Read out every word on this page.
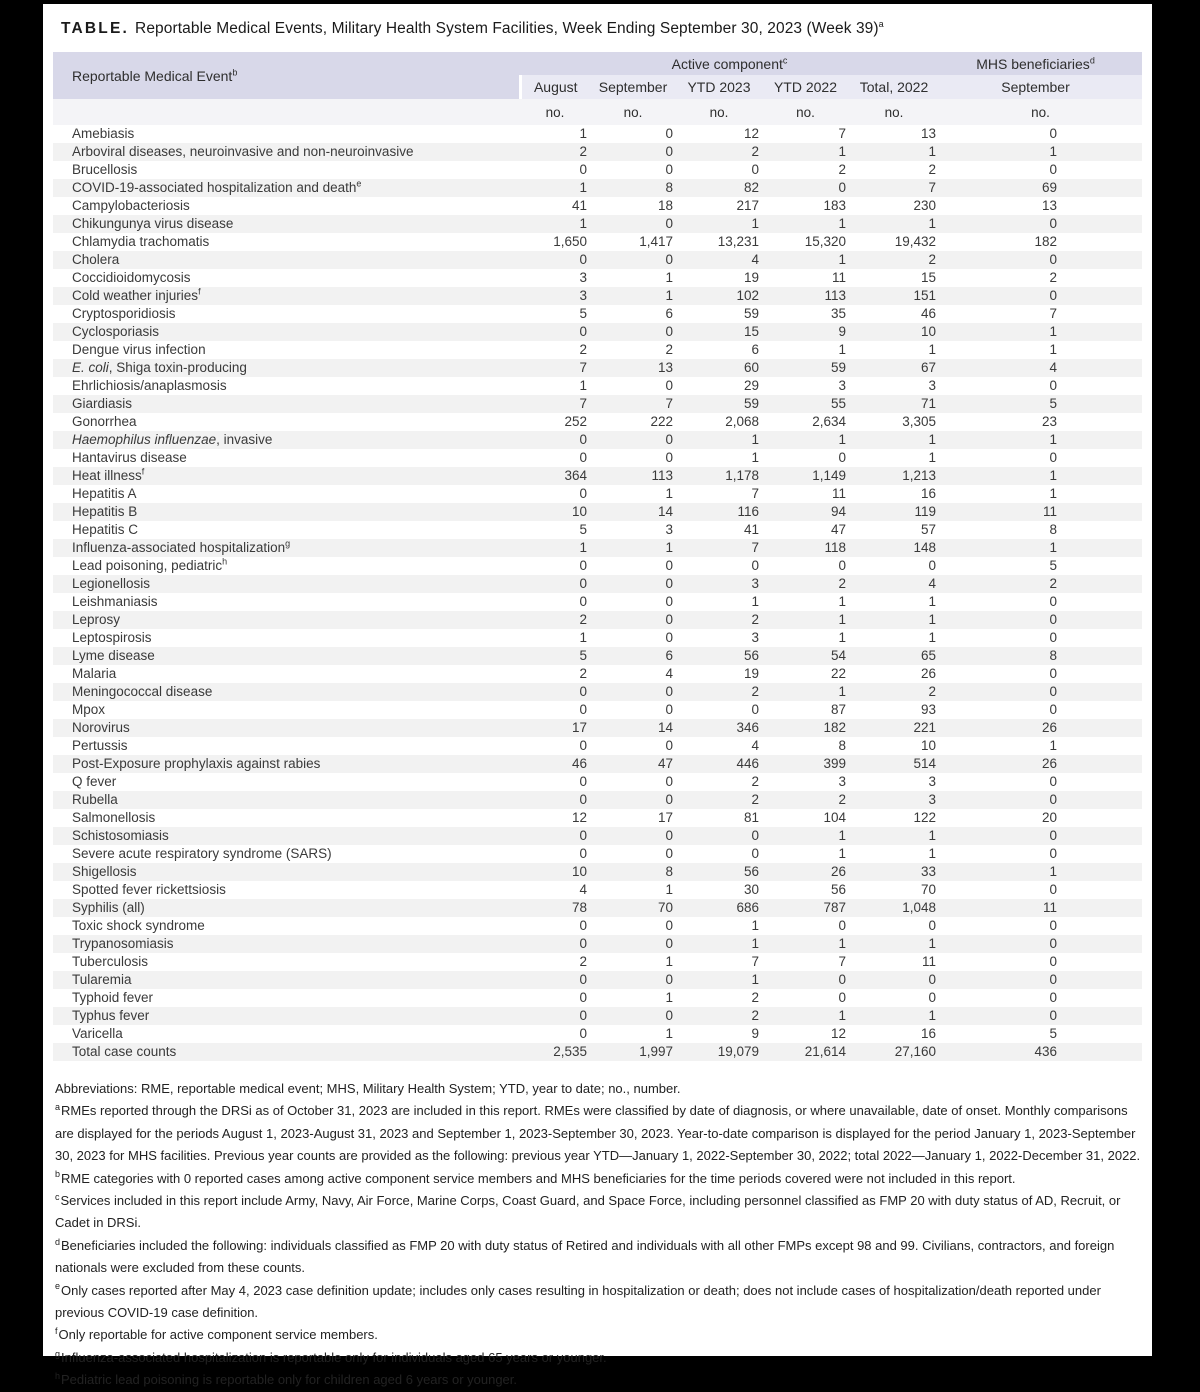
TABLE. Reportable Medical Events, Military Health System Facilities, Week Ending September 30, 2023 (Week 39)$^a$
Reportable Medical Event$^b$	Active component$^c$					MHS beneficiaries$^d$
	August	September	YTD 2023	YTD 2022	Total, 2022	September
	no.	no.	no.	no.	no.	no.
Amebiasis	1	0	12	7	13	0
Arboviral diseases, neuroinvasive and non-neuroinvasive	2	0	2	1	1	1
Brucellosis	0	0	0	2	2	0
COVID-19-associated hospitalization and death$^e$	1	8	82	0	7	69
Campylobacteriosis	41	18	217	183	230	13
Chikungunya virus disease	1	0	1	1	1	0
Chlamydia trachomatis	1,650	1,417	13,231	15,320	19,432	182
Cholera	0	0	4	1	2	0
Coccidioidomycosis	3	1	19	11	15	2
Cold weather injuries$^f$	3	1	102	113	151	0
Cryptosporidiosis	5	6	59	35	46	7
Cyclosporiasis	0	0	15	9	10	1
Dengue virus infection	2	2	6	1	1	1
E. coli, Shiga toxin-producing	7	13	60	59	67	4
Ehrlichiosis/anaplasmosis	1	0	29	3	3	0
Giardiasis	7	7	59	55	71	5
Gonorrhea	252	222	2,068	2,634	3,305	23
Haemophilus influenzae, invasive	0	0	1	1	1	1
Hantavirus disease	0	0	1	0	1	0
Heat illness$^f$	364	113	1,178	1,149	1,213	1
Hepatitis A	0	1	7	11	16	1
Hepatitis B	10	14	116	94	119	11
Hepatitis C	5	3	41	47	57	8
Influenza-associated hospitalization$^g$	1	1	7	118	148	1
Lead poisoning, pediatric$^h$	0	0	0	0	0	5
Legionellosis	0	0	3	2	4	2
Leishmaniasis	0	0	1	1	1	0
Leprosy	2	0	2	1	1	0
Leptospirosis	1	0	3	1	1	0
Lyme disease	5	6	56	54	65	8
Malaria	2	4	19	22	26	0
Meningococcal disease	0	0	2	1	2	0
Mpox	0	0	0	87	93	0
Norovirus	17	14	346	182	221	26
Pertussis	0	0	4	8	10	1
Post-Exposure prophylaxis against rabies	46	47	446	399	514	26
Q fever	0	0	2	3	3	0
Rubella	0	0	2	2	3	0
Salmonellosis	12	17	81	104	122	20
Schistosomiasis	0	0	0	1	1	0
Severe acute respiratory syndrome (SARS)	0	0	0	1	1	0
Shigellosis	10	8	56	26	33	1
Spotted fever rickettsiosis	4	1	30	56	70	0
Syphilis (all)	78	70	686	787	1,048	11
Toxic shock syndrome	0	0	1	0	0	0
Trypanosomiasis	0	0	1	1	1	0
Tuberculosis	2	1	7	7	11	0
Tularemia	0	0	1	0	0	0
Typhoid fever	0	1	2	0	0	0
Typhus fever	0	0	2	1	1	0
Varicella	0	1	9	12	16	5
Total case counts	2,535	1,997	19,079	21,614	27,160	436
Abbreviations: RME, reportable medical event; MHS, Military Health System; YTD, year to date; no., number.
$^a$RMEs reported through the DRSi as of October 31, 2023 are included in this report. RMEs were classified by date of diagnosis, or where unavailable, date of onset. Monthly comparisons are displayed for the periods August 1, 2023-August 31, 2023 and September 1, 2023-September 30, 2023. Year-to-date comparison is displayed for the period January 1, 2023-September 30, 2023 for MHS facilities. Previous year counts are provided as the following: previous year YTD—January 1, 2022-September 30, 2022; total 2022—January 1, 2022-December 31, 2022.
$^b$RME categories with 0 reported cases among active component service members and MHS beneficiaries for the time periods covered were not included in this report.
$^c$Services included in this report include Army, Navy, Air Force, Marine Corps, Coast Guard, and Space Force, including personnel classified as FMP 20 with duty status of AD, Recruit, or Cadet in DRSi.
$^d$Beneficiaries included the following: individuals classified as FMP 20 with duty status of Retired and individuals with all other FMPs except 98 and 99. Civilians, contractors, and foreign nationals were excluded from these counts.
$^e$Only cases reported after May 4, 2023 case definition update; includes only cases resulting in hospitalization or death; does not include cases of hospitalization/death reported under previous COVID-19 case definition.
$^f$Only reportable for active component service members.
$^g$Influenza-associated hospitalization is reportable only for individuals aged 65 years or younger.
$^h$Pediatric lead poisoning is reportable only for children aged 6 years or younger.
